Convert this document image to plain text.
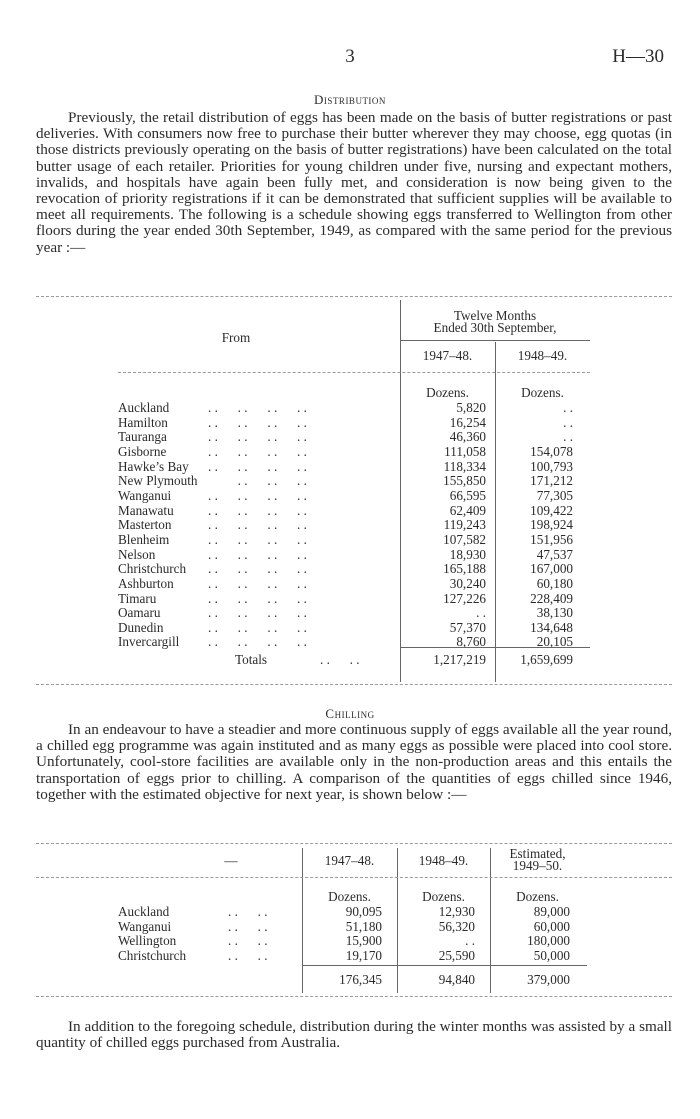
3	H—30
Distribution

Previously, the retail distribution of eggs has been made on the basis of butter registrations or past deliveries. With consumers now free to purchase their butter wherever they may choose, egg quotas (in those districts previously operating on the basis of butter registrations) have been calculated on the total butter usage of each retailer. Priorities for young children under five, nursing and expectant mothers, invalids, and hospitals have again been fully met, and consideration is now being given to the revocation of priority registrations if it can be demonstrated that sufficient supplies will be available to meet all requirements. The following is a schedule showing eggs transferred to Wellington from other floors during the year ended 30th September, 1949, as compared with the same period for the previous year :—

From
Twelve Months
Ended 30th September,
1947–48.	1948–49.
Dozens.	Dozens.
Auckland	. .      . .      . .      . .	5,820	. .
Hamilton	. .      . .      . .      . .	16,254	. .
Tauranga	. .      . .      . .      . .	46,360	. .
Gisborne	. .      . .      . .      . .	111,058	154,078
Hawke’s Bay . .      . .      . .      . .	118,334	100,793
New Plymouth . .      . .      . .	155,850	171,212
Wanganui	. .      . .      . .      . .	66,595	77,305
Manawatu	. .      . .      . .      . .	62,409	109,422
Masterton	. .      . .      . .      . .	119,243	198,924
Blenheim	. .      . .      . .      . .	107,582	151,956
Nelson	. .      . .      . .      . .	18,930	47,537
Christchurch . .      . .      . .      . .	165,188	167,000
Ashburton	. .      . .      . .      . .	30,240	60,180
Timaru	. .      . .      . .      . .	127,226	228,409
Oamaru	. .      . .      . .      . .	. .	38,130
Dunedin	. .      . .      . .      . .	57,370	134,648
Invercargill . .      . .      . .      . .	8,760	20,105
Totals	. .      . .	1,217,219	1,659,699
Chilling

In an endeavour to have a steadier and more continuous supply of eggs available all the year round, a chilled egg programme was again instituted and as many eggs as possible were placed into cool store. Unfortunately, cool-store facilities are available only in the non-production areas and this entails the transportation of eggs prior to chilling. A comparison of the quantities of eggs chilled since 1946, together with the estimated objective for next year, is shown below :—

—	1947–48.	1948–49.	Estimated,
1949–50.
Dozens.	Dozens.	Dozens.
Auckland	. .      . .	90,095	12,930	89,000
Wanganui	. .      . .	51,180	56,320	60,000
Wellington	. .      . .	15,900	. .	180,000
Christchurch	. .      . .	19,170	25,590	50,000
176,345	94,840	379,000

In addition to the foregoing schedule, distribution during the winter months was assisted by a small quantity of chilled eggs purchased from Australia.
